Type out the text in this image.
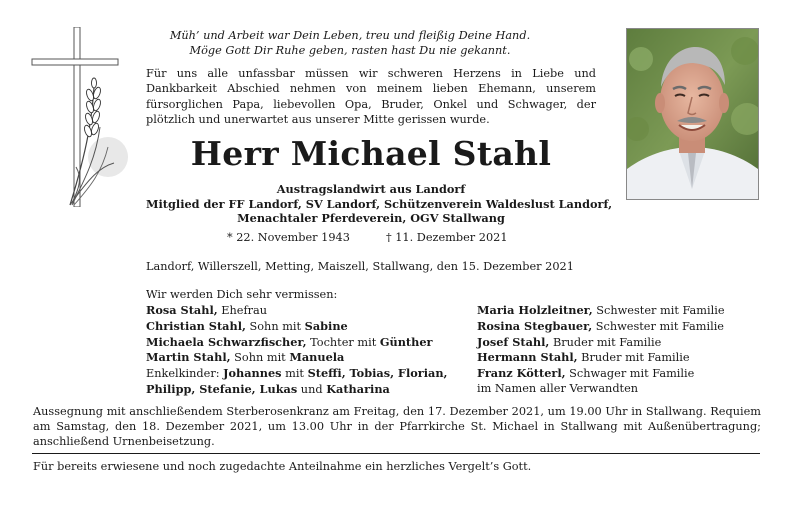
Müh’ und Arbeit war Dein Leben, treu und fleißig Deine Hand.
Möge Gott Dir Ruhe geben, rasten hast Du nie gekannt.
Für uns alle unfassbar müssen wir schweren Herzens in Liebe und Dankbarkeit Abschied nehmen von meinem lieben Ehemann, unserem fürsorglichen Papa, liebevollen Opa, Bruder, Onkel und Schwager, der plötzlich und unerwartet aus unserer Mitte gerissen wurde.
Herr Michael Stahl
Austragslandwirt aus Landorf
Mitglied der FF Landorf, SV Landorf, Schützenverein Waldeslust Landorf,
Menachtaler Pferdeverein, OGV Stallwang
* 22. November 1943	† 11. Dezember 2021
Landorf, Willerszell, Metting, Maiszell, Stallwang, den 15. Dezember 2021
Wir werden Dich sehr vermissen:
Rosa Stahl, Ehefrau
Christian Stahl, Sohn mit Sabine
Michaela Schwarzfischer, Tochter mit Günther
Martin Stahl, Sohn mit Manuela
Enkelkinder: Johannes mit Steffi, Tobias, Florian,
Philipp, Stefanie, Lukas und Katharina
Maria Holzleitner, Schwester mit Familie
Rosina Stegbauer, Schwester mit Familie
Josef Stahl, Bruder mit Familie
Hermann Stahl, Bruder mit Familie
Franz Kötterl, Schwager mit Familie
im Namen aller Verwandten
Aussegnung mit anschließendem Sterberosenkranz am Freitag, den 17. Dezember 2021, um 19.00 Uhr in Stallwang. Requiem am Samstag, den 18. Dezember 2021, um 13.00 Uhr in der Pfarrkirche St. Michael in Stallwang mit Außenübertragung; anschließend Urnenbeisetzung.
Für bereits erwiesene und noch zugedachte Anteilnahme ein herzliches Vergelt’s Gott.
